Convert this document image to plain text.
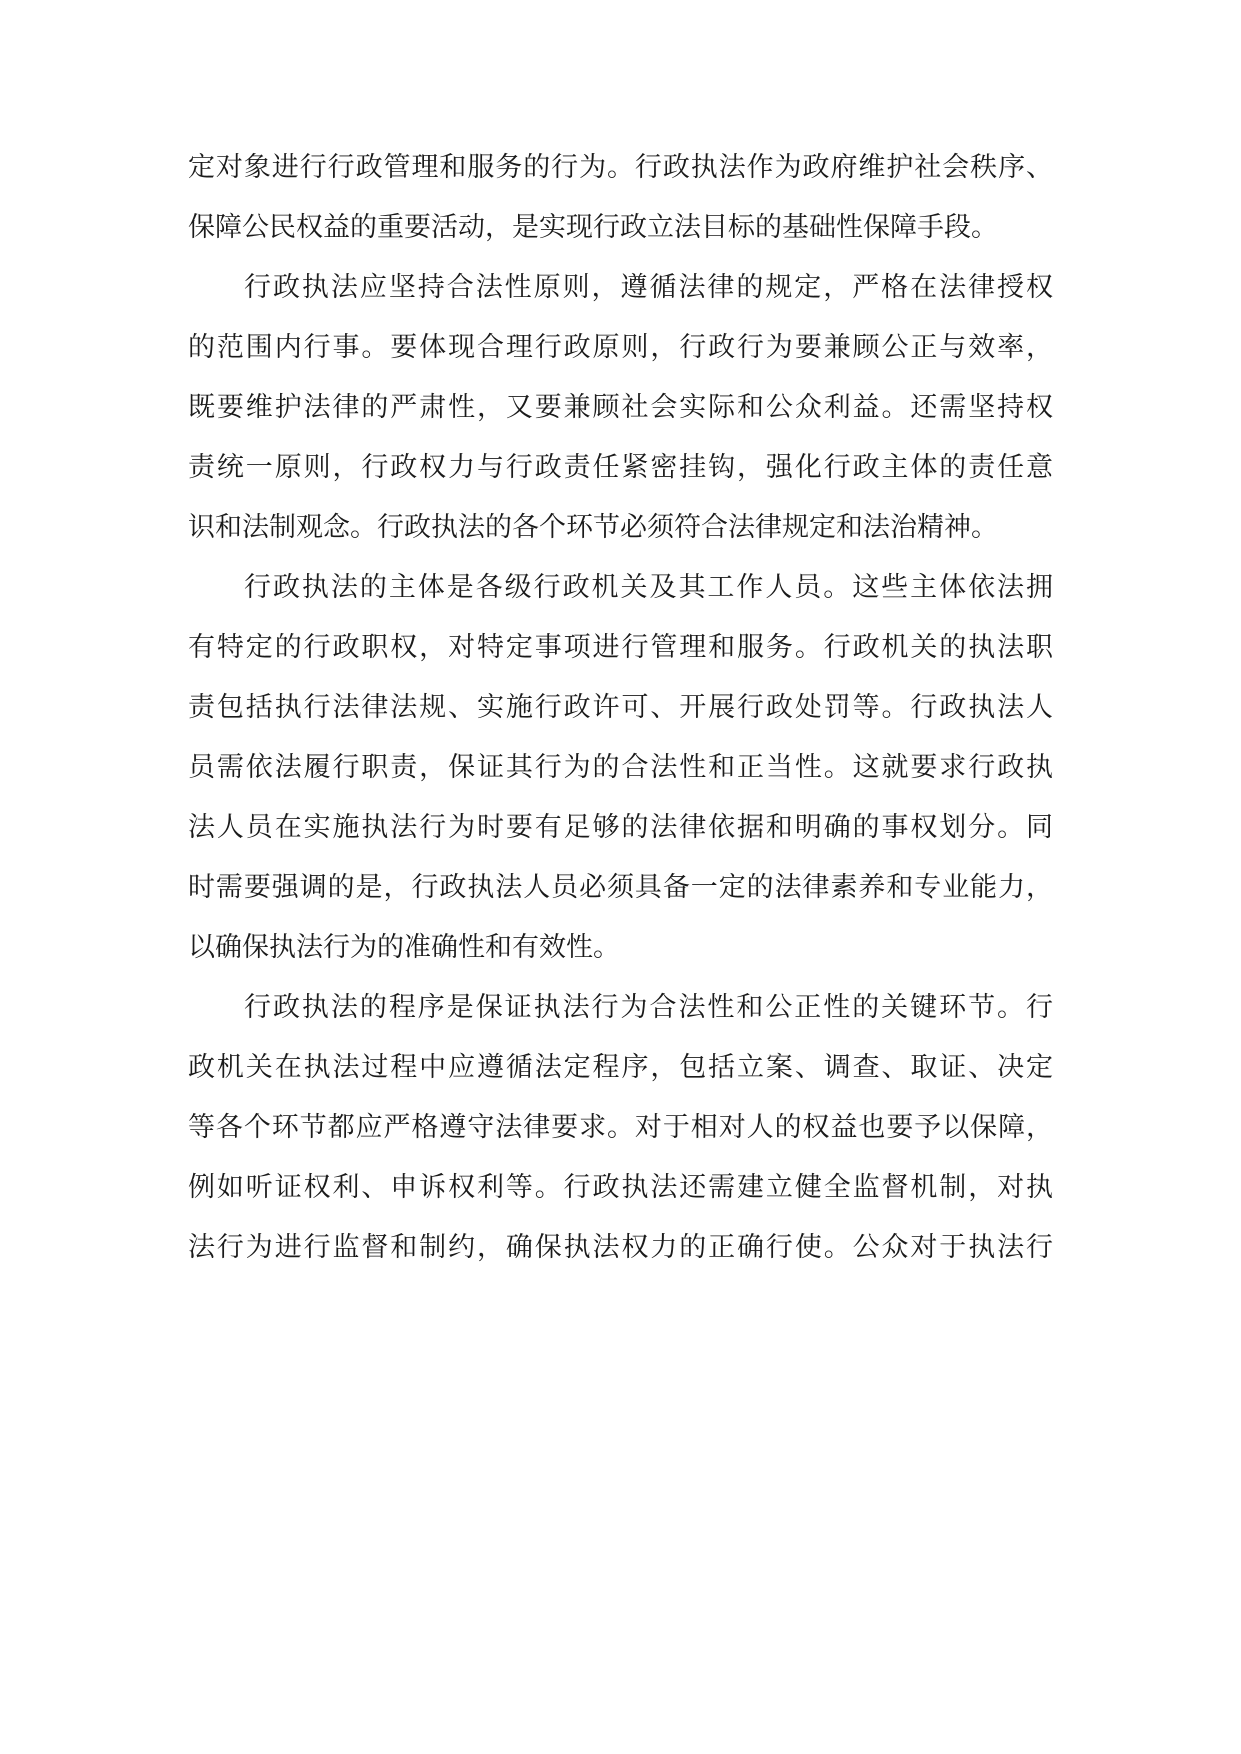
定对象进行行政管理和服务的行为。行政执法作为政府维护社会秩序、
保障公民权益的重要活动，是实现行政立法目标的基础性保障手段。
行政执法应坚持合法性原则，遵循法律的规定，严格在法律授权
的范围内行事。要体现合理行政原则，行政行为要兼顾公正与效率，
既要维护法律的严肃性，又要兼顾社会实际和公众利益。还需坚持权
责统一原则，行政权力与行政责任紧密挂钩，强化行政主体的责任意
识和法制观念。行政执法的各个环节必须符合法律规定和法治精神。
行政执法的主体是各级行政机关及其工作人员。这些主体依法拥
有特定的行政职权，对特定事项进行管理和服务。行政机关的执法职
责包括执行法律法规、实施行政许可、开展行政处罚等。行政执法人
员需依法履行职责，保证其行为的合法性和正当性。这就要求行政执
法人员在实施执法行为时要有足够的法律依据和明确的事权划分。同
时需要强调的是，行政执法人员必须具备一定的法律素养和专业能力，
以确保执法行为的准确性和有效性。
行政执法的程序是保证执法行为合法性和公正性的关键环节。行
政机关在执法过程中应遵循法定程序，包括立案、调查、取证、决定
等各个环节都应严格遵守法律要求。对于相对人的权益也要予以保障，
例如听证权利、申诉权利等。行政执法还需建立健全监督机制，对执
法行为进行监督和制约，确保执法权力的正确行使。公众对于执法行
